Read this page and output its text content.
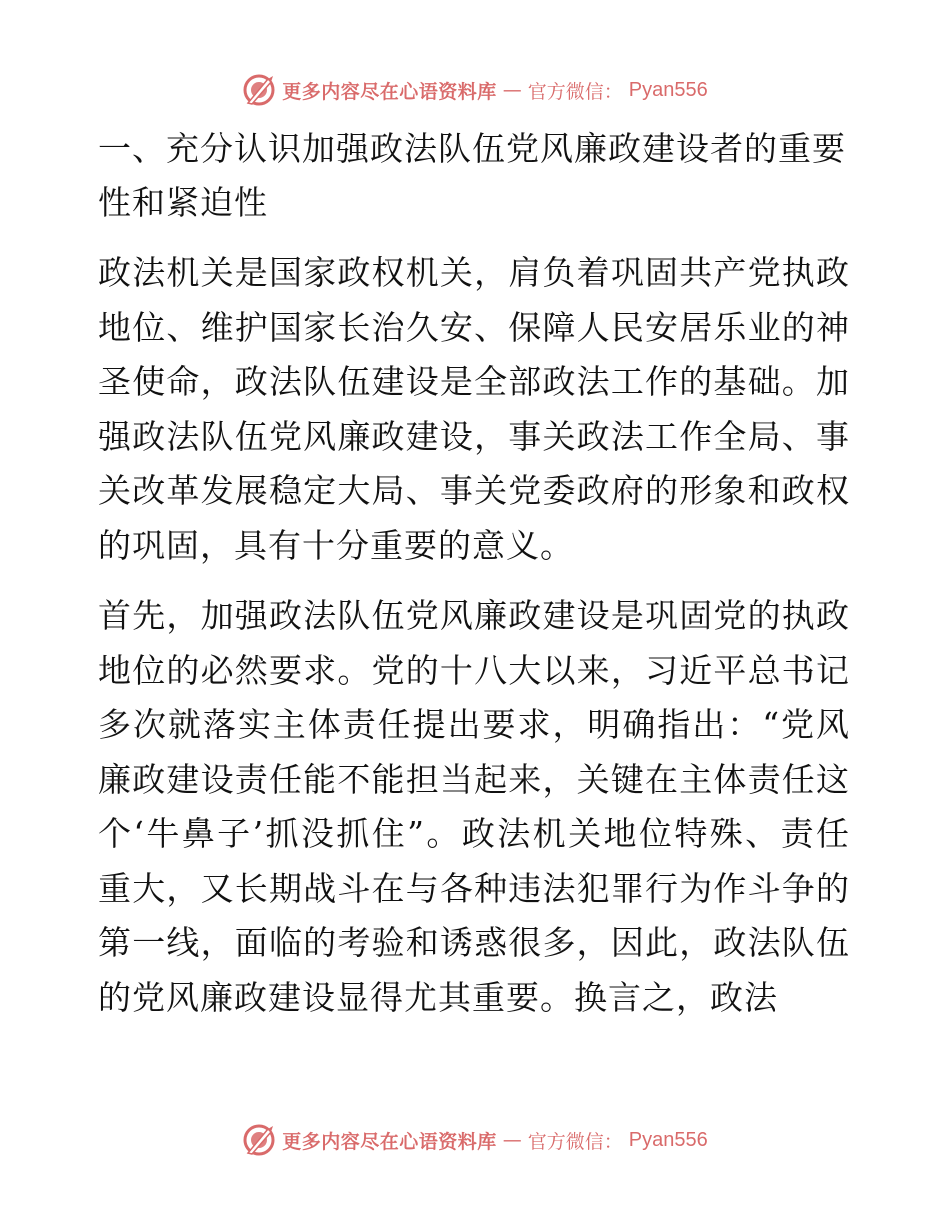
更多内容尽在心语资料库 — 官方微信： Pyan556
一、充分认识加强政法队伍党风廉政建设者的重要性和紧迫性

政法机关是国家政权机关，肩负着巩固共产党执政地位、维护国家长治久安、保障人民安居乐业的神圣使命，政法队伍建设是全部政法工作的基础。加强政法队伍党风廉政建设，事关政法工作全局、事关改革发展稳定大局、事关党委政府的形象和政权的巩固，具有十分重要的意义。

首先，加强政法队伍党风廉政建设是巩固党的执政地位的必然要求。党的十八大以来，习近平总书记多次就落实主体责任提出要求，明确指出：“党风廉政建设责任能不能担当起来，关键在主体责任这个‘牛鼻子’抓没抓住”。政法机关地位特殊、责任重大，又长期战斗在与各种违法犯罪行为作斗争的第一线，面临的考验和诱惑很多，因此，政法队伍的党风廉政建设显得尤其重要。换言之，政法

更多内容尽在心语资料库 — 官方微信： Pyan556
